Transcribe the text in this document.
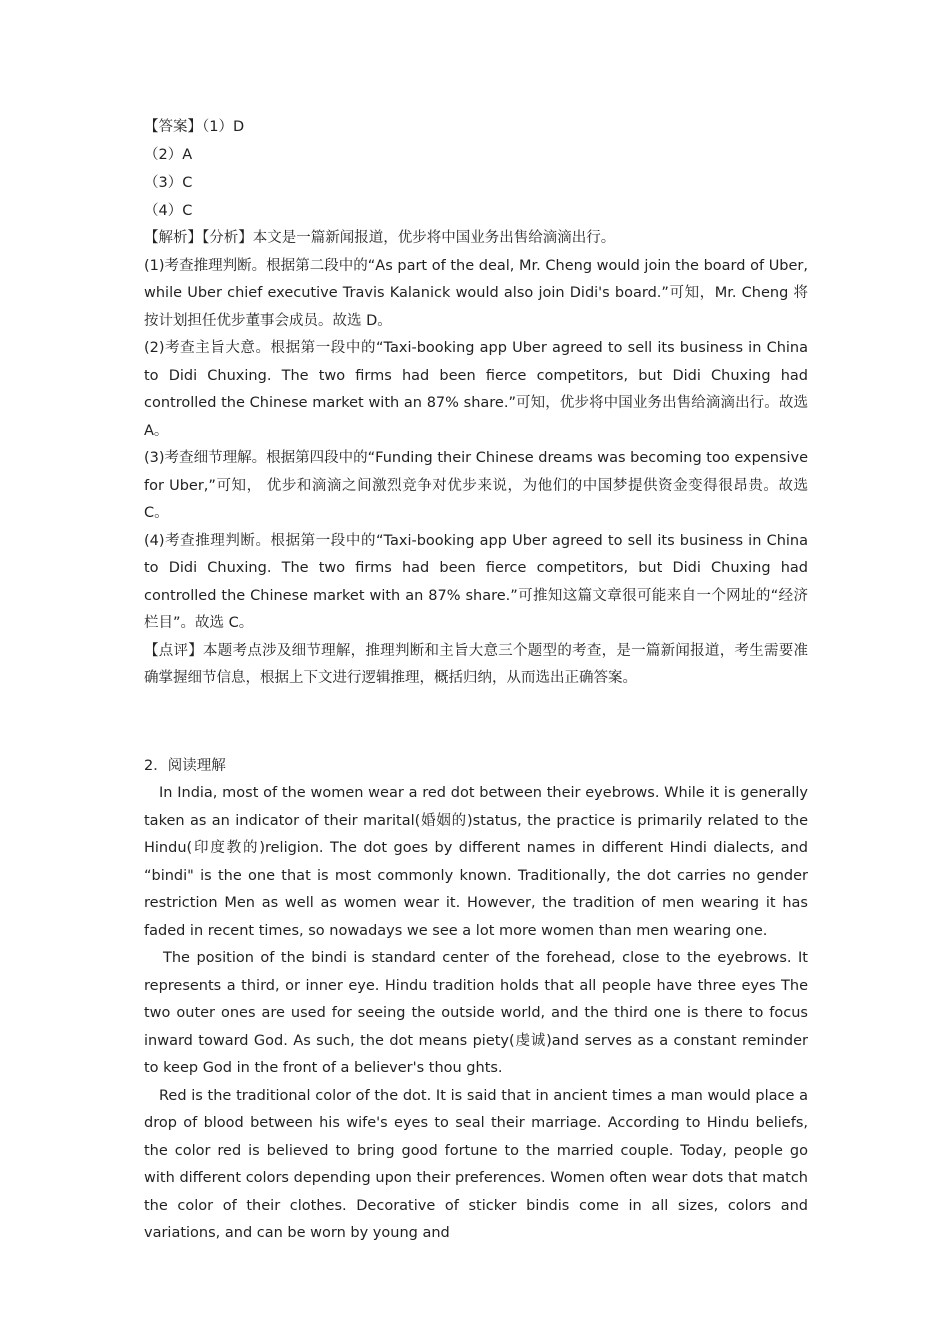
【答案】（1）D

（2）A

（3）C

（4）C

【解析】【分析】本文是一篇新闻报道，优步将中国业务出售给滴滴出行。

(1)考查推理判断。根据第二段中的“As part of the deal, Mr. Cheng would join the board of Uber, while Uber chief executive Travis Kalanick would also join Didi's board.”可知，Mr. Cheng 将按计划担任优步董事会成员。故选 D。

(2)考查主旨大意。根据第一段中的“Taxi-booking app Uber agreed to sell its business in China to Didi Chuxing. The two firms had been fierce competitors, but Didi Chuxing had controlled the Chinese market with an 87% share.”可知，优步将中国业务出售给滴滴出行。故选 A。

(3)考查细节理解。根据第四段中的“Funding their Chinese dreams was becoming too expensive for Uber,”可知， 优步和滴滴之间激烈竞争对优步来说，为他们的中国梦提供资金变得很昂贵。故选 C。

(4)考查推理判断。根据第一段中的“Taxi-booking app Uber agreed to sell its business in China to Didi Chuxing. The two firms had been fierce competitors, but Didi Chuxing had controlled the Chinese market with an 87% share.”可推知这篇文章很可能来自一个网址的“经济栏目”。故选 C。

【点评】本题考点涉及细节理解，推理判断和主旨大意三个题型的考查，是一篇新闻报道，考生需要准确掌握细节信息，根据上下文进行逻辑推理，概括归纳，从而选出正确答案。

2．阅读理解

In India, most of the women wear a red dot between their eyebrows. While it is generally taken as an indicator of their marital(婚姻的)status, the practice is primarily related to the Hindu(印度教的)religion. The dot goes by different names in different Hindi dialects, and “bindi" is the one that is most commonly known. Traditionally, the dot carries no gender restriction Men as well as women wear it. However, the tradition of men wearing it has faded in recent times, so nowadays we see a lot more women than men wearing one.

The position of the bindi is standard center of the forehead, close to the eyebrows. It represents a third, or inner eye. Hindu tradition holds that all people have three eyes The two outer ones are used for seeing the outside world, and the third one is there to focus inward toward God. As such, the dot means piety(虔诚)and serves as a constant reminder to keep God in the front of a believer's thou ghts.

Red is the traditional color of the dot. It is said that in ancient times a man would place a drop of blood between his wife's eyes to seal their marriage. According to Hindu beliefs, the color red is believed to bring good fortune to the married couple. Today, people go with different colors depending upon their preferences. Women often wear dots that match the color of their clothes. Decorative of sticker bindis come in all sizes, colors and variations, and can be worn by young and
